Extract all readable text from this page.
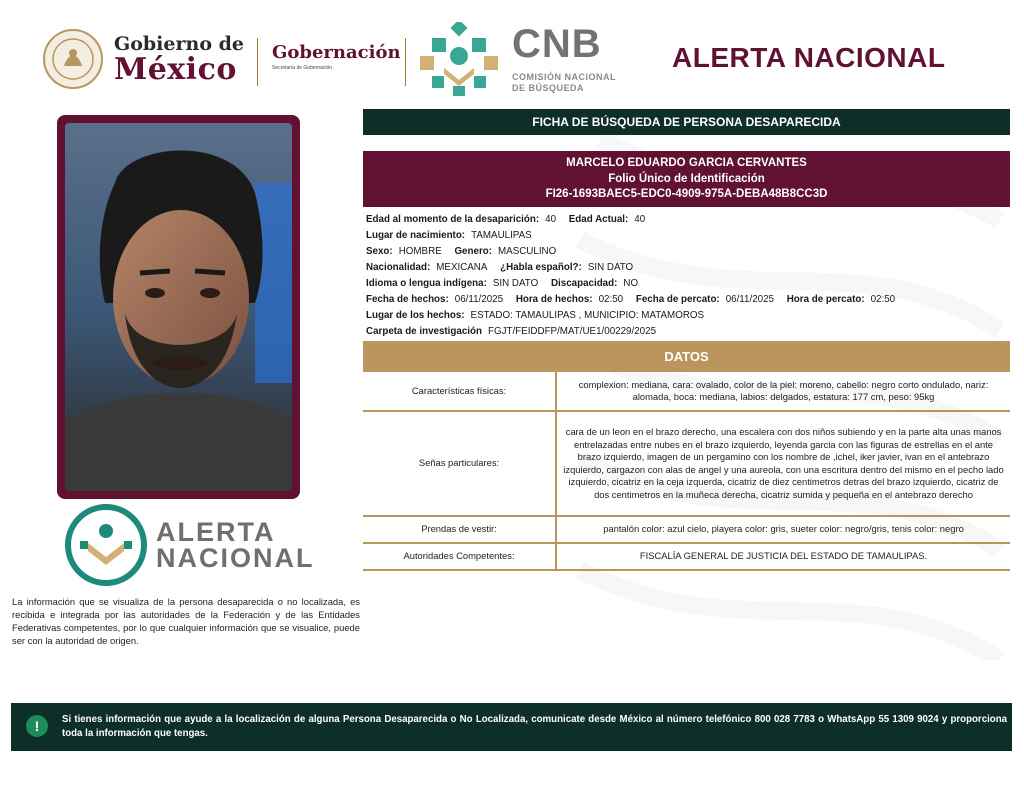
Gobierno de
México Gobernación
Secretaría de Gobernación
CNB
COMISIÓN NACIONAL
DE BÚSQUEDA
ALERTA NACIONAL
ALERTA
NACIONAL
La información que se visualiza de la persona desaparecida o no localizada, es recibida e integrada por las autoridades de la Federación y de las Entidades Federativas competentes, por lo que cualquier información que se visualice, puede ser con la autoridad de origen.
FICHA DE BÚSQUEDA DE PERSONA DESAPARECIDA
MARCELO EDUARDO GARCIA CERVANTES
Folio Único de Identificación
FI26-1693BAEC5-EDC0-4909-975A-DEBA48B8CC3D
Edad al momento de la desaparición: 40 Edad Actual: 40
Lugar de nacimiento: TAMAULIPAS
Sexo: HOMBRE Genero: MASCULINO
Nacionalidad: MEXICANA ¿Habla español?: SIN DATO
Idioma o lengua indígena: SIN DATO Discapacidad: NO
Fecha de hechos: 06/11/2025 Hora de hechos: 02:50 Fecha de percato: 06/11/2025 Hora de percato: 02:50
Lugar de los hechos: ESTADO: TAMAULIPAS , MUNICIPIO: MATAMOROS
Carpeta de investigación FGJT/FEIDDFP/MAT/UE1/00229/2025
DATOS
Características físicas:	complexion: mediana, cara: ovalado, color de la piel: moreno, cabello: negro corto ondulado, nariz: alomada, boca: mediana, labios: delgados, estatura: 177 cm, peso: 95kg
Señas particulares:	cara de un leon en el brazo derecho, una escalera con dos niños subiendo y en la parte alta unas manos entrelazadas entre nubes en el brazo izquierdo, leyenda garcia con las figuras de estrellas en el ante brazo izquierdo, imagen de un pergamino con los nombre de ,ichel, iker javier, ivan en el antebrazo izquierdo, cargazon con alas de angel y una aureola, con una escritura dentro del mismo en el pecho lado izquierdo, cicatriz en la ceja izquerda, cicatriz de diez centimetros detras del brazo izquierdo, cicatriz de dos centimetros en la muñeca derecha, cicatriz sumida y pequeña en el antebrazo derecho
Prendas de vestir:	pantalón color: azul cielo, playera color: gris, sueter color: negro/gris, tenis color: negro
Autoridades Competentes:	FISCALÍA GENERAL DE JUSTICIA DEL ESTADO DE TAMAULIPAS.
!	Si tienes información que ayude a la localización de alguna Persona Desaparecida o No Localizada, comunicate desde México al número telefónico 800 028 7783 o WhatsApp 55 1309 9024 y proporciona toda la información que tengas.
